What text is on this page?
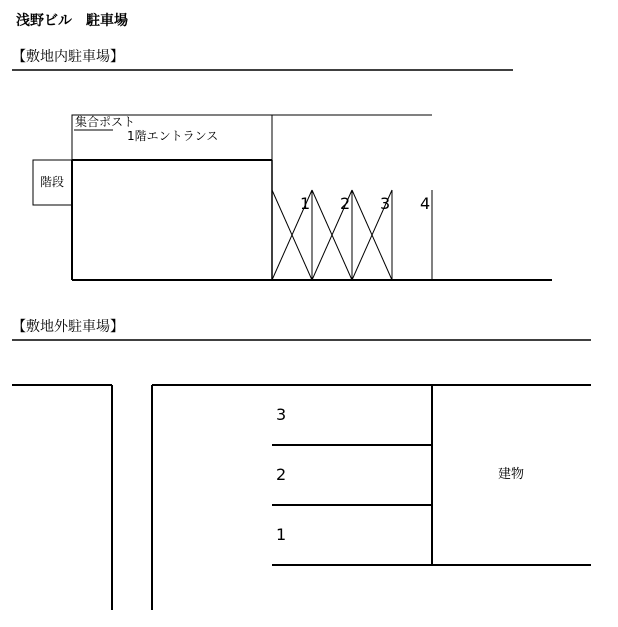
浅野ビル　駐車場
【敷地内駐車場】
【敷地外駐車場】
集合ポスト
1階エントランス
階段
1 2 3 4
3
2
1
建物
